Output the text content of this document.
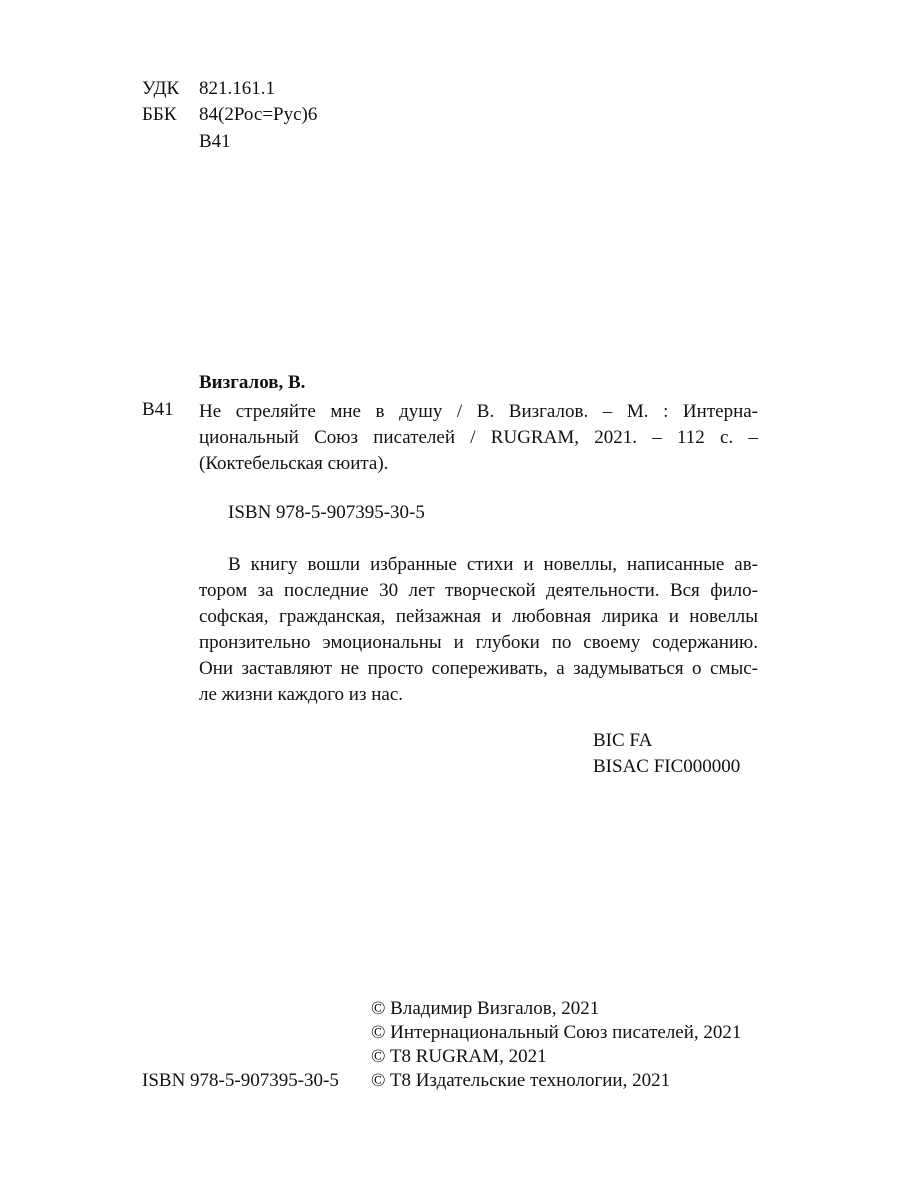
УДК 821.161.1
ББК 84(2Рос=Рус)6
В41
Визгалов, В.
В41 Не стреляйте мне в душу / В. Визгалов. – М. : Интерна-
циональный Союз писателей / RUGRAM, 2021. – 112 с. –
(Коктебельская сюита).
ISBN 978-5-907395-30-5
В книгу вошли избранные стихи и новеллы, написанные ав-
тором за последние 30 лет творческой деятельности. Вся фило-
софская, гражданская, пейзажная и любовная лирика и новеллы
пронзительно эмоциональны и глубоки по своему содержанию.
Они заставляют не просто сопереживать, а задумываться о смыс-
ле жизни каждого из нас.
BIC FA
BISAC FIC000000
© Владимир Визгалов, 2021
© Интернациональный Союз писателей, 2021
© T8 RUGRAM, 2021
ISBN 978-5-907395-30-5 © T8 Издательские технологии, 2021
